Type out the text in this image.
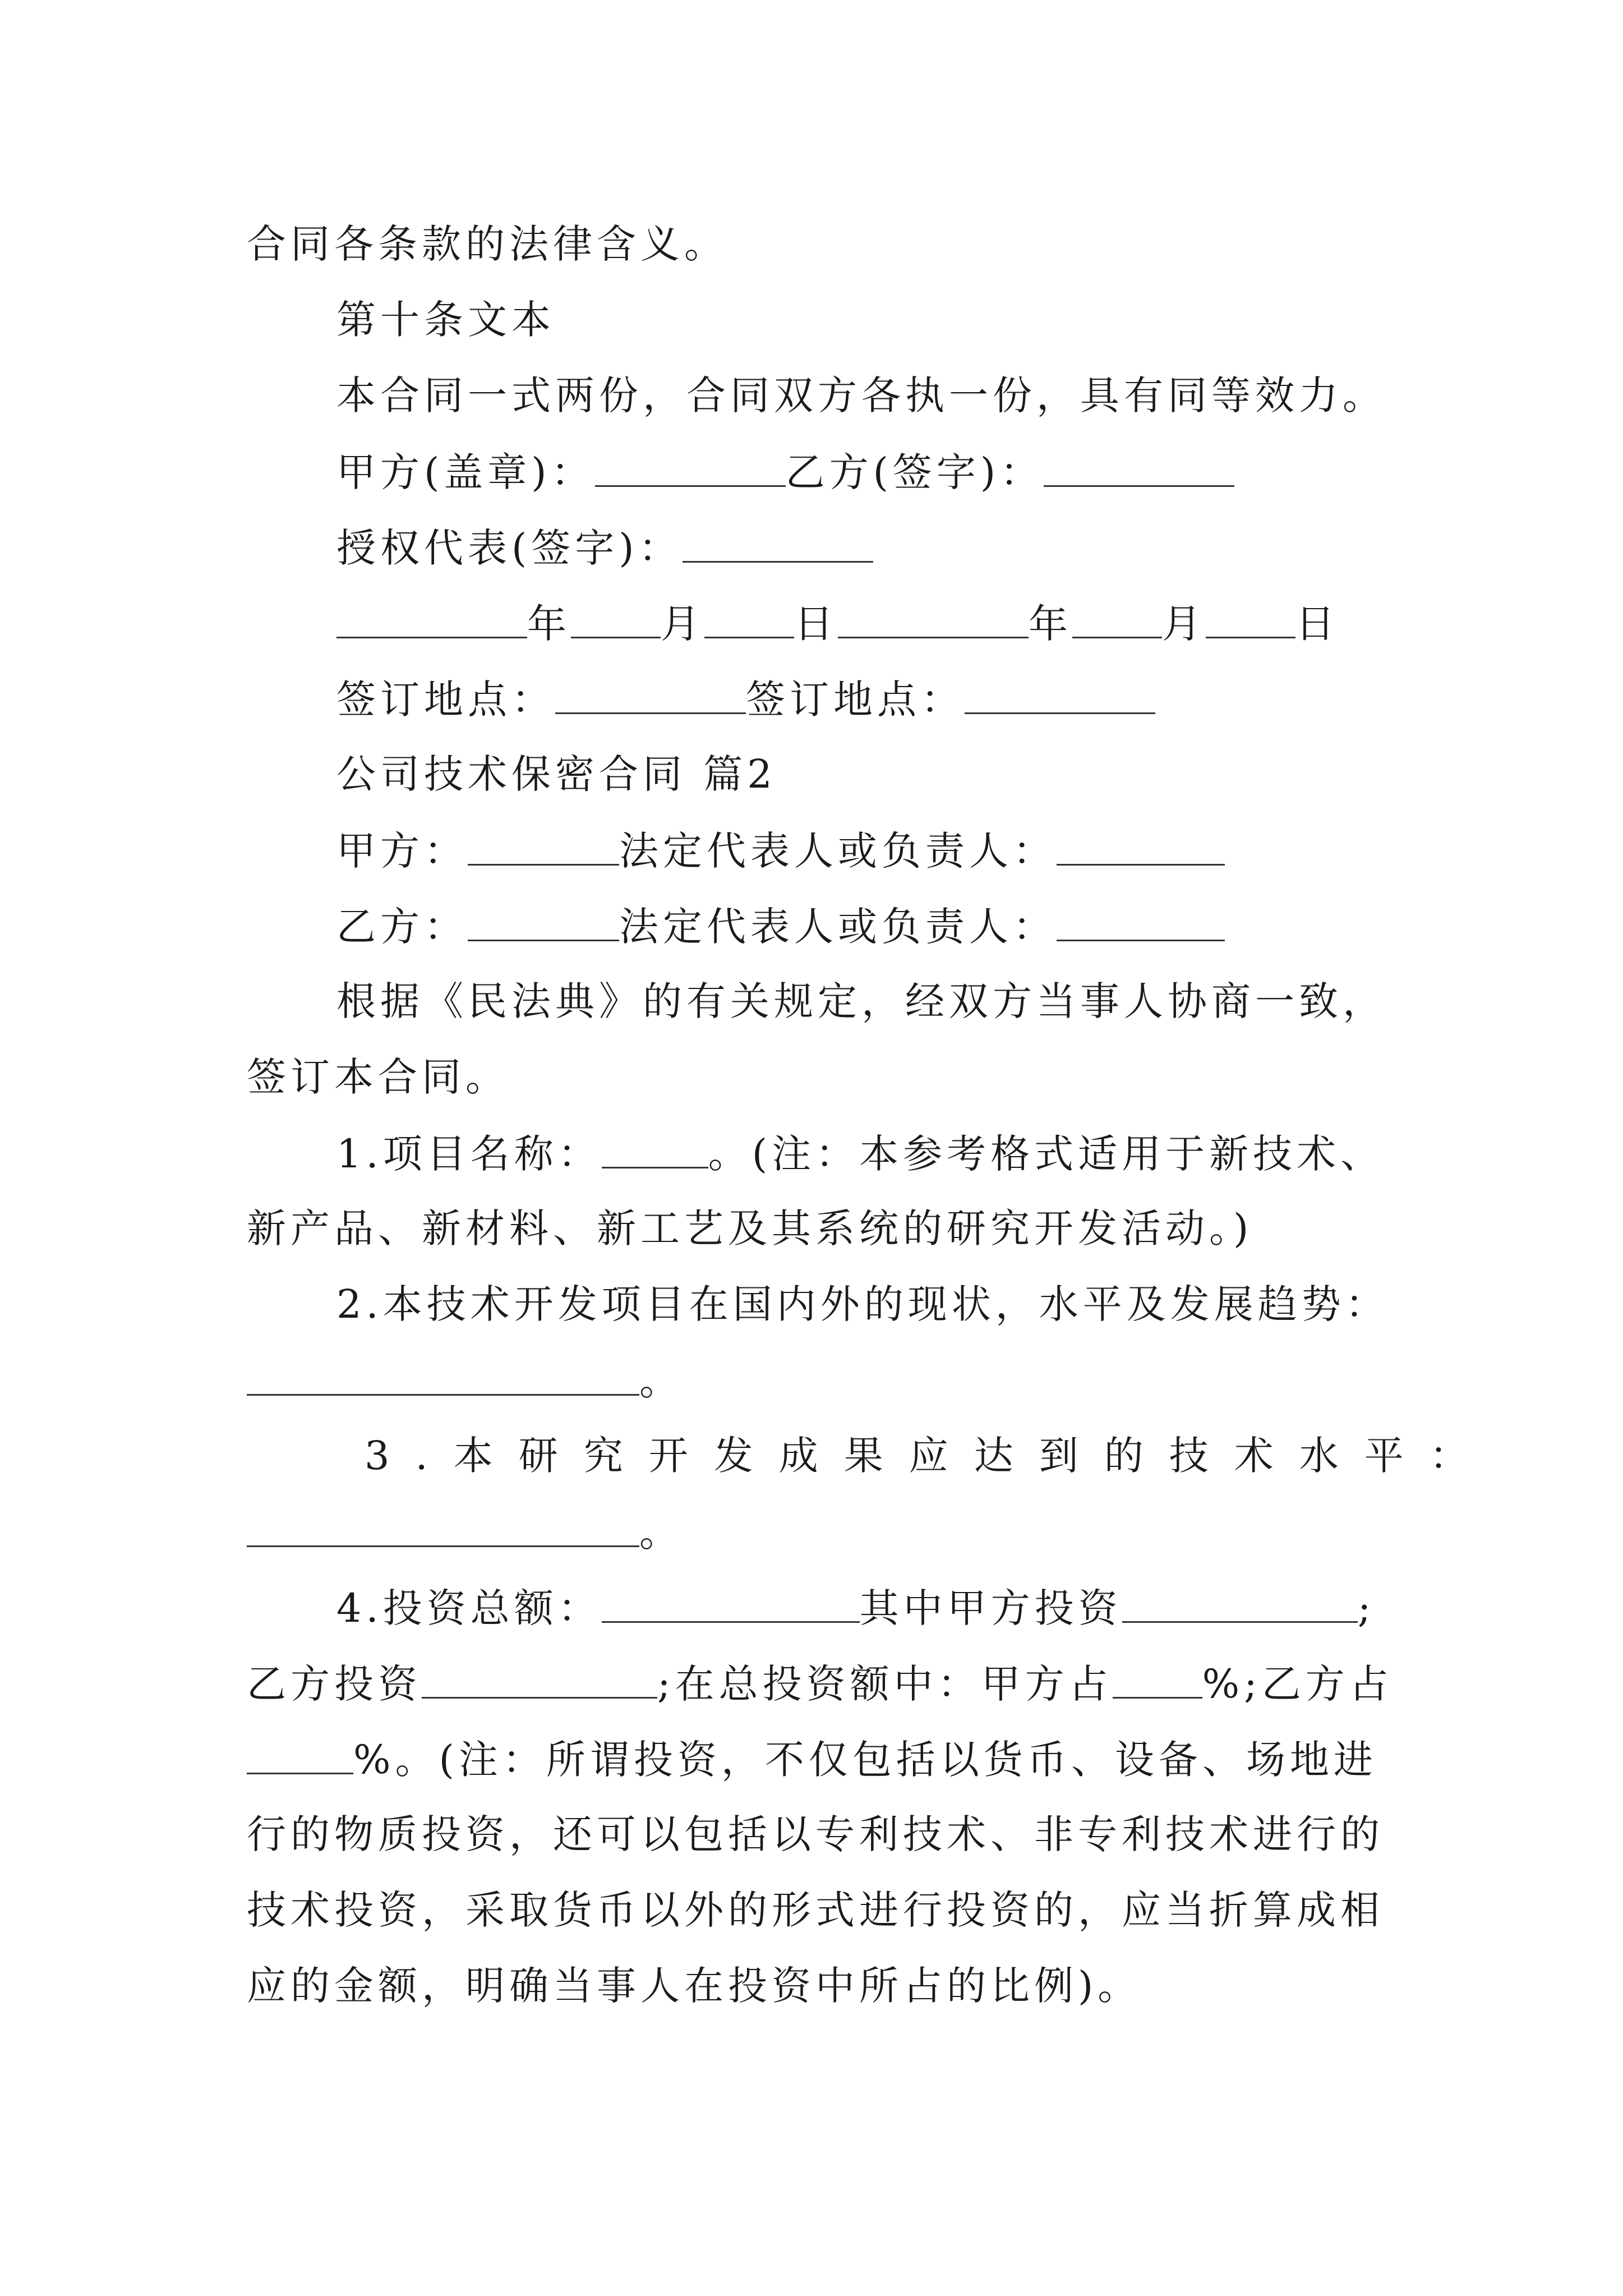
合同各条款的法律含义。
第十条文本
本合同一式两份，合同双方各执一份，具有同等效力。
甲方(盖章)：	乙方(签字)：
授权代表(签字)：
年 月 日	年 月 日
签订地点：	签订地点：
公司技术保密合同 篇2
甲方：	法定代表人或负责人：
乙方：	法定代表人或负责人：
根据《民法典》的有关规定，经双方当事人协商一致，
签订本合同。
1.项目名称：	。(注：本参考格式适用于新技术、
新产品、新材料、新工艺及其系统的研究开发活动。)
2.本技术开发项目在国内外的现状，水平及发展趋势：
。
3.本研究开发成果应达到的技术水平：
。
4.投资总额：	其中甲方投资	;
乙方投资	;在总投资额中：甲方占 %;乙方占
%。(注：所谓投资，不仅包括以货币、设备、场地进
行的物质投资，还可以包括以专利技术、非专利技术进行的
技术投资，采取货币以外的形式进行投资的，应当折算成相
应的金额，明确当事人在投资中所占的比例)。
